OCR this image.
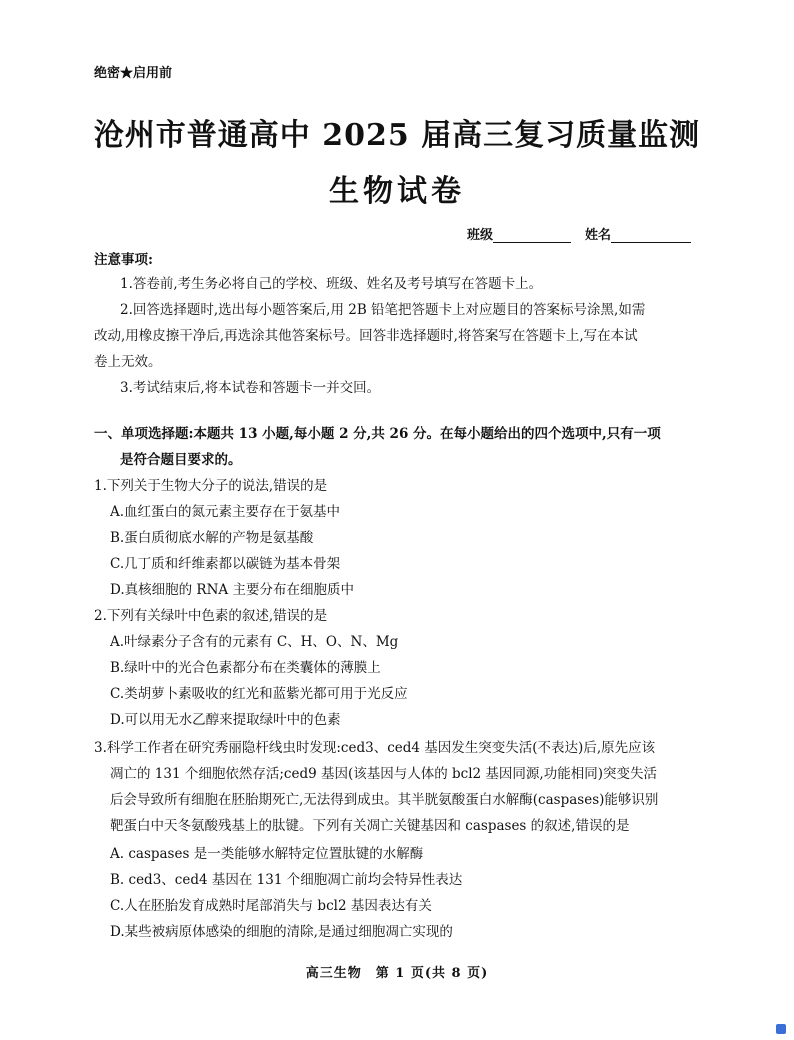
绝密★启用前
沧州市普通高中 2025 届高三复习质量监测
生物试卷
班级	姓名
注意事项:
1.答卷前,考生务必将自己的学校、班级、姓名及考号填写在答题卡上。
2.回答选择题时,选出每小题答案后,用 2B 铅笔把答题卡上对应题目的答案标号涂黑,如需
改动,用橡皮擦干净后,再选涂其他答案标号。回答非选择题时,将答案写在答题卡上,写在本试
卷上无效。
3.考试结束后,将本试卷和答题卡一并交回。
一、单项选择题:本题共 13 小题,每小题 2 分,共 26 分。在每小题给出的四个选项中,只有一项
是符合题目要求的。
1.下列关于生物大分子的说法,错误的是
A.血红蛋白的氮元素主要存在于氨基中
B.蛋白质彻底水解的产物是氨基酸
C.几丁质和纤维素都以碳链为基本骨架
D.真核细胞的 RNA 主要分布在细胞质中
2.下列有关绿叶中色素的叙述,错误的是
A.叶绿素分子含有的元素有 C、H、O、N、Mg
B.绿叶中的光合色素都分布在类囊体的薄膜上
C.类胡萝卜素吸收的红光和蓝紫光都可用于光反应
D.可以用无水乙醇来提取绿叶中的色素
3.科学工作者在研究秀丽隐杆线虫时发现:ced3、ced4 基因发生突变失活(不表达)后,原先应该
凋亡的 131 个细胞依然存活;ced9 基因(该基因与人体的 bcl2 基因同源,功能相同)突变失活
后会导致所有细胞在胚胎期死亡,无法得到成虫。其半胱氨酸蛋白水解酶(caspases)能够识别
靶蛋白中天冬氨酸残基上的肽键。下列有关凋亡关键基因和 caspases 的叙述,错误的是
A. caspases 是一类能够水解特定位置肽键的水解酶
B. ced3、ced4 基因在 131 个细胞凋亡前均会特异性表达
C.人在胚胎发育成熟时尾部消失与 bcl2 基因表达有关
D.某些被病原体感染的细胞的清除,是通过细胞凋亡实现的
高三生物　第 1 页(共 8 页)
